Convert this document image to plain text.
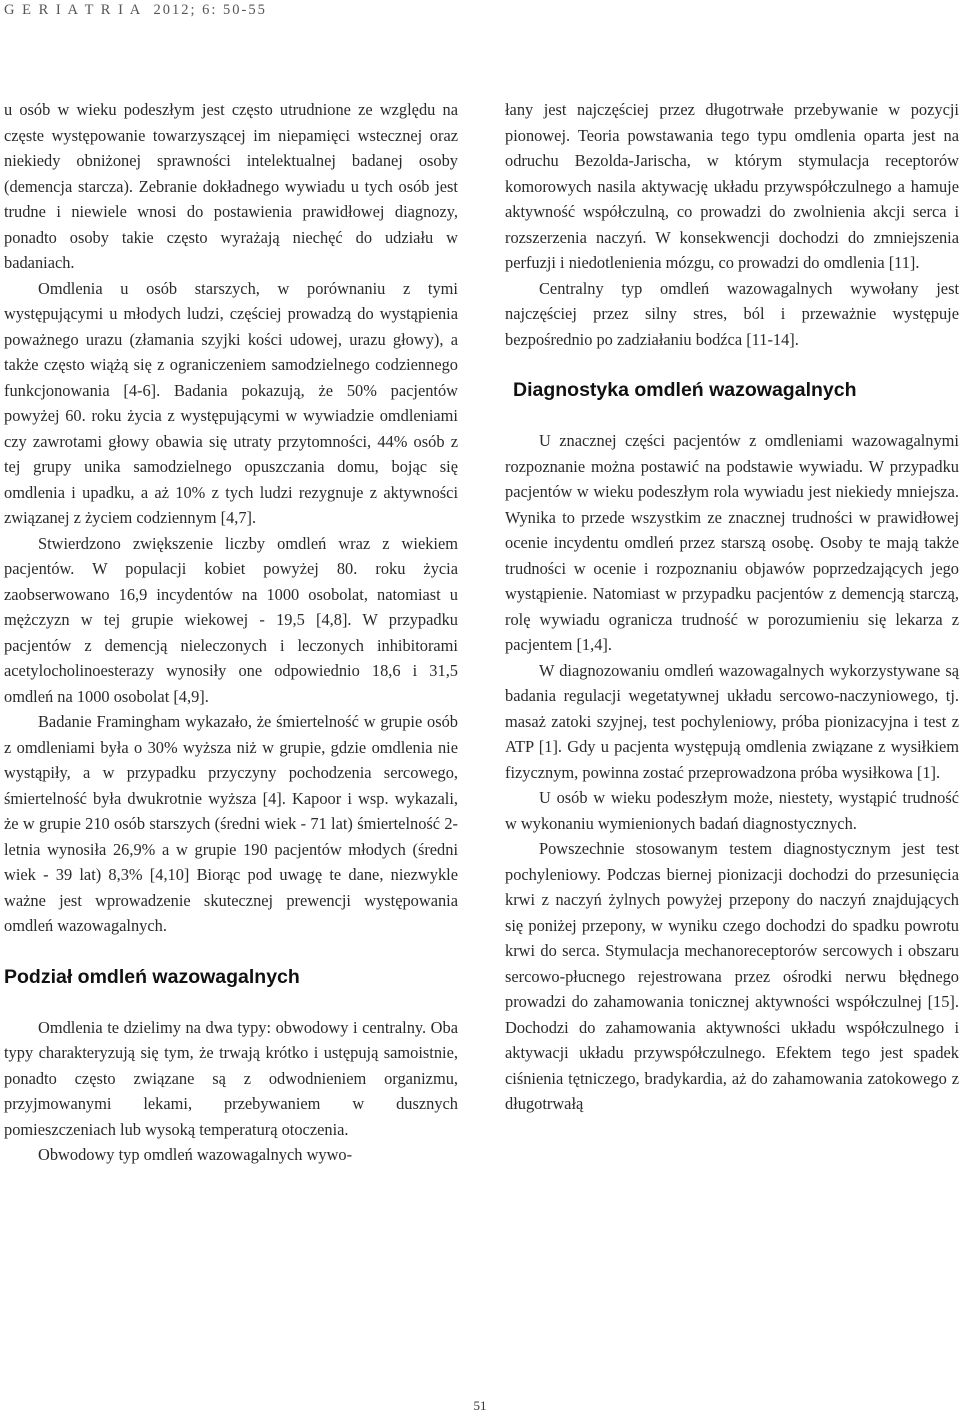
G E R I A T R I A 2012; 6: 50-55

u osób w wieku podeszłym jest często utrudnione ze względu na częste występowanie towarzyszącej im niepamięci wstecznej oraz niekiedy obniżonej sprawności intelektualnej badanej osoby (demencja starcza). Zebranie dokładnego wywiadu u tych osób jest trudne i niewiele wnosi do postawienia prawidłowej diagnozy, ponadto osoby takie często wyrażają niechęć do udziału w badaniach.

Omdlenia u osób starszych, w porównaniu z tymi występującymi u młodych ludzi, częściej prowadzą do wystąpienia poważnego urazu (złamania szyjki kości udowej, urazu głowy), a także często wiążą się z ograniczeniem samodzielnego codziennego funkcjonowania [4-6]. Badania pokazują, że 50% pacjentów powyżej 60. roku życia z występującymi w wywiadzie omdleniami czy zawrotami głowy obawia się utraty przytomności, 44% osób z tej grupy unika samodzielnego opuszczania domu, bojąc się omdlenia i upadku, a aż 10% z tych ludzi rezygnuje z aktywności związanej z życiem codziennym [4,7].

Stwierdzono zwiększenie liczby omdleń wraz z wiekiem pacjentów. W populacji kobiet powyżej 80. roku życia zaobserwowano 16,9 incydentów na 1000 osobolat, natomiast u mężczyzn w tej grupie wiekowej - 19,5 [4,8]. W przypadku pacjentów z demencją nieleczonych i leczonych inhibitorami acetylocholinoesterazy wynosiły one odpowiednio 18,6 i 31,5 omdleń na 1000 osobolat [4,9].

Badanie Framingham wykazało, że śmiertelność w grupie osób z omdleniami była o 30% wyższa niż w grupie, gdzie omdlenia nie wystąpiły, a w przypadku przyczyny pochodzenia sercowego, śmiertelność była dwukrotnie wyższa [4]. Kapoor i wsp. wykazali, że w grupie 210 osób starszych (średni wiek - 71 lat) śmiertelność 2-letnia wynosiła 26,9% a w grupie 190 pacjentów młodych (średni wiek - 39 lat) 8,3% [4,10] Biorąc pod uwagę te dane, niezwykle ważne jest wprowadzenie skutecznej prewencji występowania omdleń wazowagalnych.

Podział omdleń wazowagalnych

Omdlenia te dzielimy na dwa typy: obwodowy i centralny. Oba typy charakteryzują się tym, że trwają krótko i ustępują samoistnie, ponadto często związane są z odwodnieniem organizmu, przyjmowanymi lekami, przebywaniem w dusznych pomieszczeniach lub wysoką temperaturą otoczenia.

Obwodowy typ omdleń wazowagalnych wywo-

łany jest najczęściej przez długotrwałe przebywanie w pozycji pionowej. Teoria powstawania tego typu omdlenia oparta jest na odruchu Bezolda-Jarischa, w którym stymulacja receptorów komorowych nasila aktywację układu przywspółczulnego a hamuje aktywność współczulną, co prowadzi do zwolnienia akcji serca i rozszerzenia naczyń. W konsekwencji dochodzi do zmniejszenia perfuzji i niedotlenienia mózgu, co prowadzi do omdlenia [11].

Centralny typ omdleń wazowagalnych wywołany jest najczęściej przez silny stres, ból i przeważnie występuje bezpośrednio po zadziałaniu bodźca [11-14].

Diagnostyka omdleń wazowagalnych

U znacznej części pacjentów z omdleniami wazowagalnymi rozpoznanie można postawić na podstawie wywiadu. W przypadku pacjentów w wieku podeszłym rola wywiadu jest niekiedy mniejsza. Wynika to przede wszystkim ze znacznej trudności w prawidłowej ocenie incydentu omdleń przez starszą osobę. Osoby te mają także trudności w ocenie i rozpoznaniu objawów poprzedzających jego wystąpienie. Natomiast w przypadku pacjentów z demencją starczą, rolę wywiadu ogranicza trudność w porozumieniu się lekarza z pacjentem [1,4].

W diagnozowaniu omdleń wazowagalnych wykorzystywane są badania regulacji wegetatywnej układu sercowo-naczyniowego, tj. masaż zatoki szyjnej, test pochyleniowy, próba pionizacyjna i test z ATP [1]. Gdy u pacjenta występują omdlenia związane z wysiłkiem fizycznym, powinna zostać przeprowadzona próba wysiłkowa [1].

U osób w wieku podeszłym może, niestety, wystąpić trudność w wykonaniu wymienionych badań diagnostycznych.

Powszechnie stosowanym testem diagnostycznym jest test pochyleniowy. Podczas biernej pionizacji dochodzi do przesunięcia krwi z naczyń żylnych powyżej przepony do naczyń znajdujących się poniżej przepony, w wyniku czego dochodzi do spadku powrotu krwi do serca. Stymulacja mechanoreceptorów sercowych i obszaru sercowo-płucnego rejestrowana przez ośrodki nerwu błędnego prowadzi do zahamowania tonicznej aktywności współczulnej [15]. Dochodzi do zahamowania aktywności układu współczulnego i aktywacji układu przywspółczulnego. Efektem tego jest spadek ciśnienia tętniczego, bradykardia, aż do zahamowania zatokowego z długotrwałą

51
